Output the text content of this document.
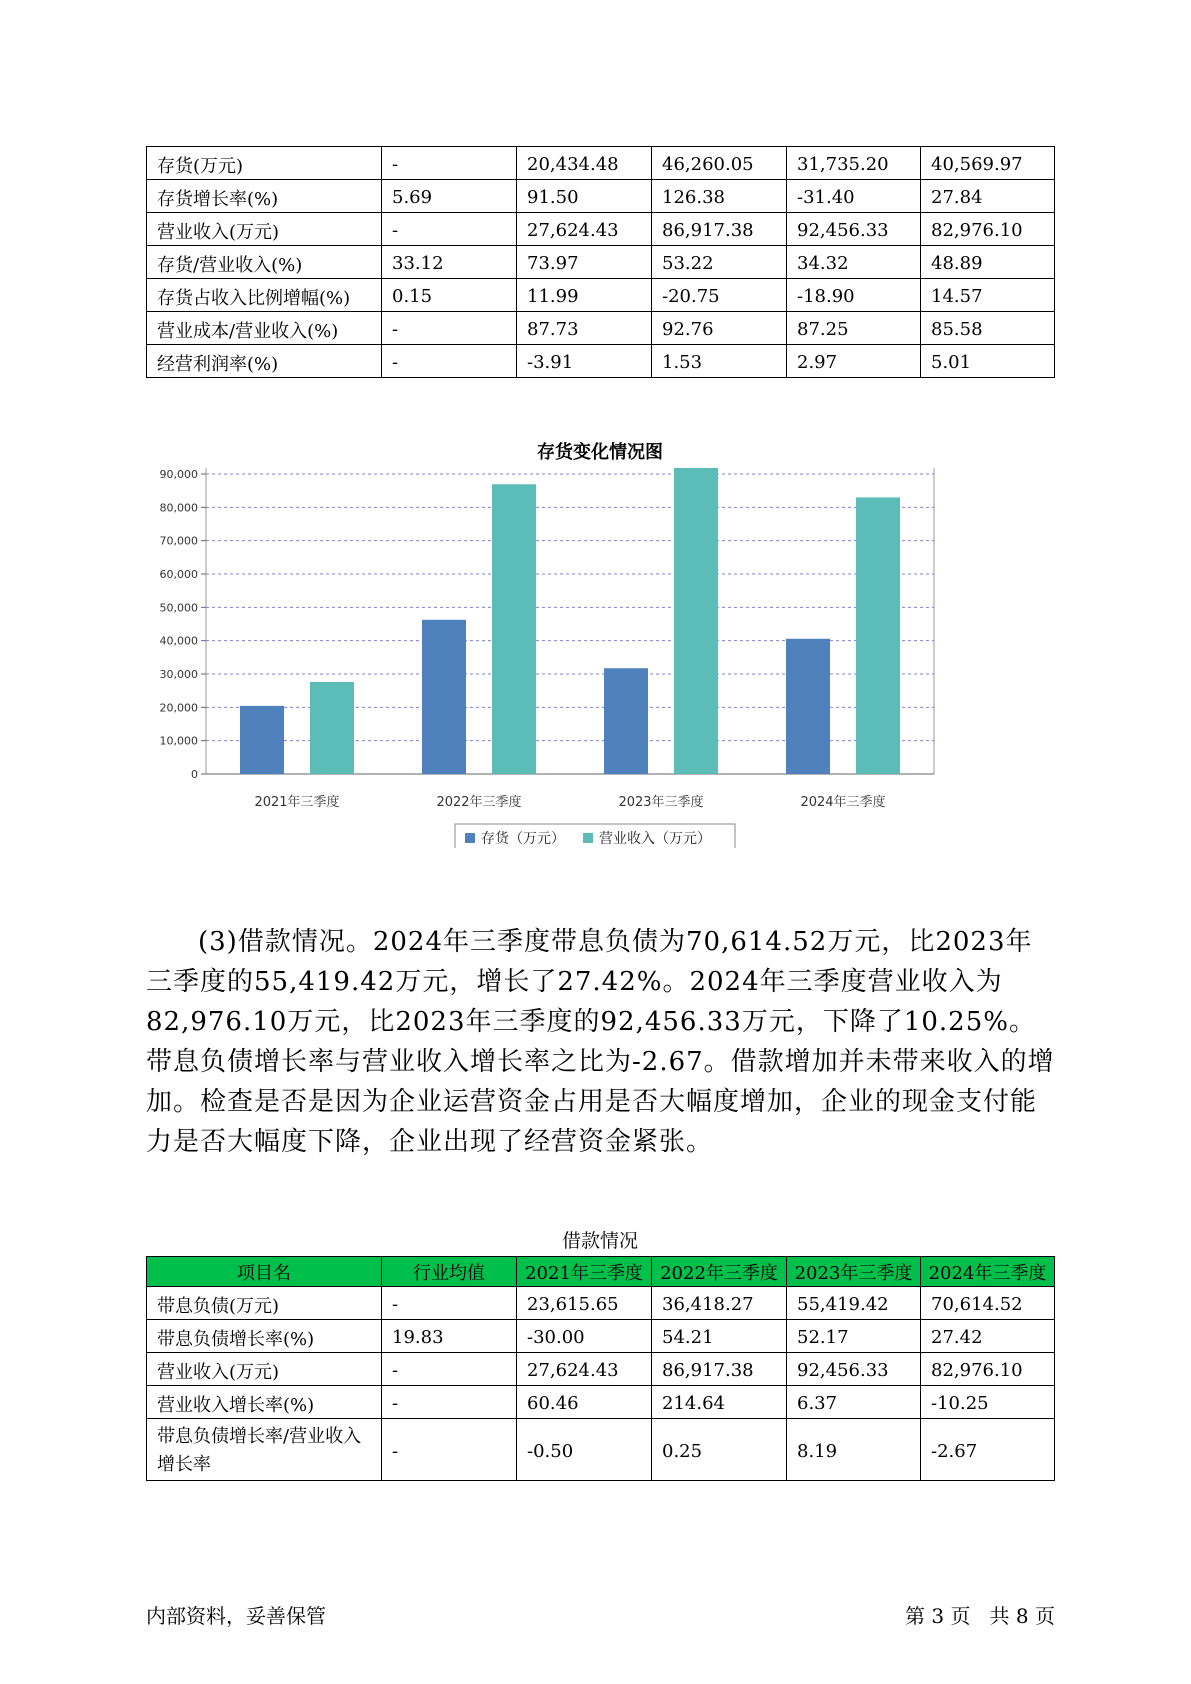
存货(万元)	-	20,434.48	46,260.05	31,735.20	40,569.97
存货增长率(%)	5.69	91.50	126.38	-31.40	27.84
营业收入(万元)	-	27,624.43	86,917.38	92,456.33	82,976.10
存货/营业收入(%)	33.12	73.97	53.22	34.32	48.89
存货占收入比例增幅(%)	0.15	11.99	-20.75	-18.90	14.57
营业成本/营业收入(%)	-	87.73	92.76	87.25	85.58
经营利润率(%)	-	-3.91	1.53	2.97	5.01
存货变化情况图
0
10,000
20,000
30,000
40,000
50,000
60,000
70,000
80,000
90,000
2021年三季度	2022年三季度	2023年三季度	2024年三季度
存货（万元） 营业收入（万元）

(3)借款情况。2024年三季度带息负债为70,614.52万元，比2023年三季度的55,419.42万元，增长了27.42%。2024年三季度营业收入为82,976.10万元，比2023年三季度的92,456.33万元，下降了10.25%。带息负债增长率与营业收入增长率之比为-2.67。借款增加并未带来收入的增加。检查是否是因为企业运营资金占用是否大幅度增加，企业的现金支付能力是否大幅度下降，企业出现了经营资金紧张。

借款情况
项目名	行业均值	2021年三季度	2022年三季度	2023年三季度	2024年三季度
带息负债(万元)	-	23,615.65	36,418.27	55,419.42	70,614.52
带息负债增长率(%)	19.83	-30.00	54.21	52.17	27.42
营业收入(万元)	-	27,624.43	86,917.38	92,456.33	82,976.10
营业收入增长率(%)	-	60.46	214.64	6.37	-10.25
带息负债增长率/营业收入增长率	-	-0.50	0.25	8.19	-2.67
内部资料，妥善保管	第 3 页   共 8 页
